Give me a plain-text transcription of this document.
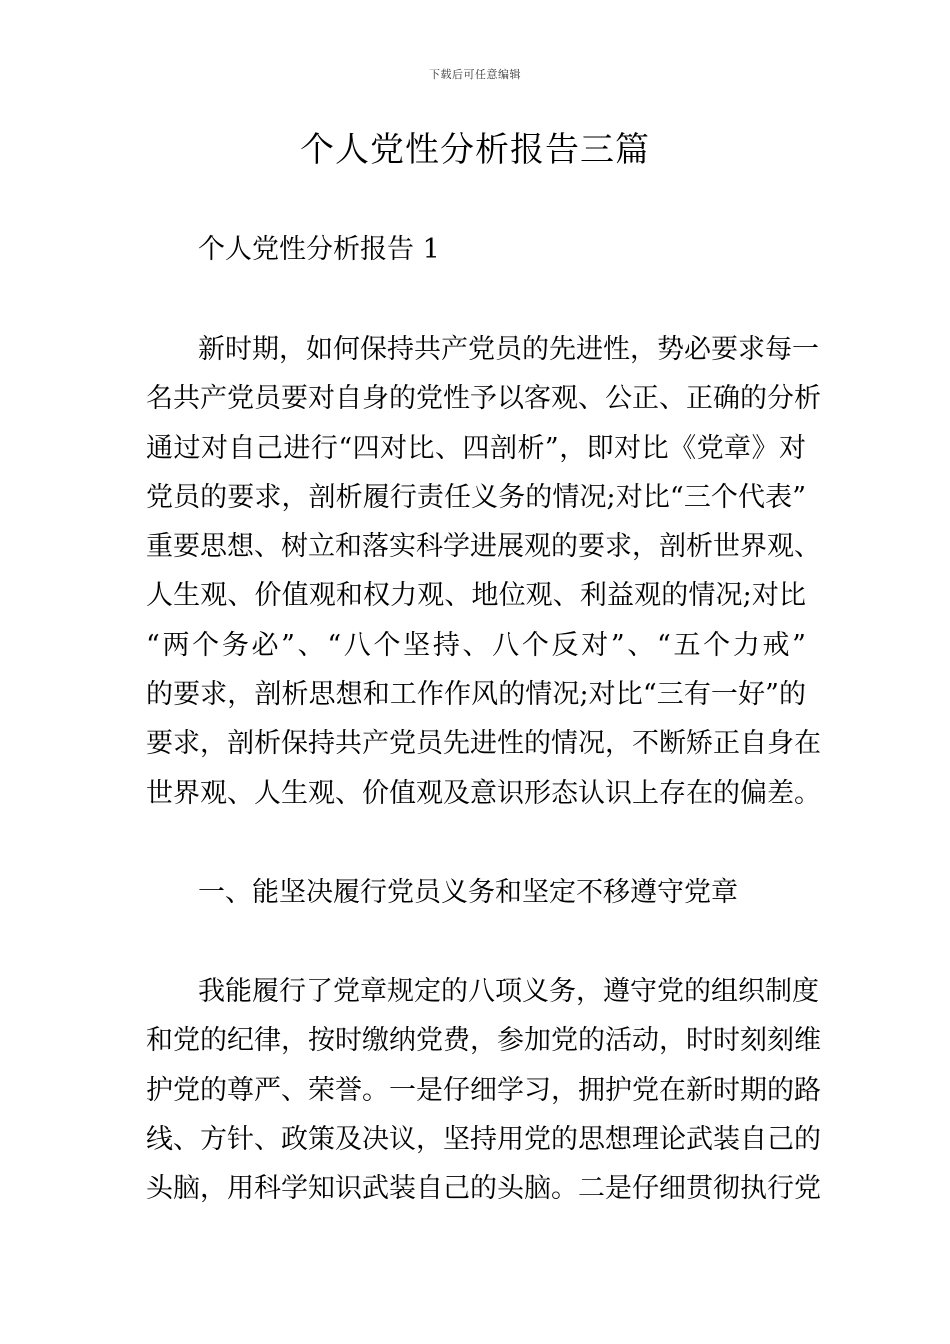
下载后可任意编辑
个人党性分析报告三篇
个人党性分析报告 1
新时期，如何保持共产党员的先进性，势必要求每一
名共产党员要对自身的党性予以客观、公正、正确的分析
通过对自己进行“四对比、四剖析”，即对比《党章》对
党员的要求，剖析履行责任义务的情况;对比“三个代表”
重要思想、树立和落实科学进展观的要求，剖析世界观、
人生观、价值观和权力观、地位观、利益观的情况;对比
“两个务必”、“八个坚持、八个反对”、“五个力戒”
的要求，剖析思想和工作作风的情况;对比“三有一好”的
要求，剖析保持共产党员先进性的情况，不断矫正自身在
世界观、人生观、价值观及意识形态认识上存在的偏差。
一、能坚决履行党员义务和坚定不移遵守党章
我能履行了党章规定的八项义务，遵守党的组织制度
和党的纪律，按时缴纳党费，参加党的活动，时时刻刻维
护党的尊严、荣誉。一是仔细学习，拥护党在新时期的路
线、方针、政策及决议，坚持用党的思想理论武装自己的
头脑，用科学知识武装自己的头脑。二是仔细贯彻执行党
